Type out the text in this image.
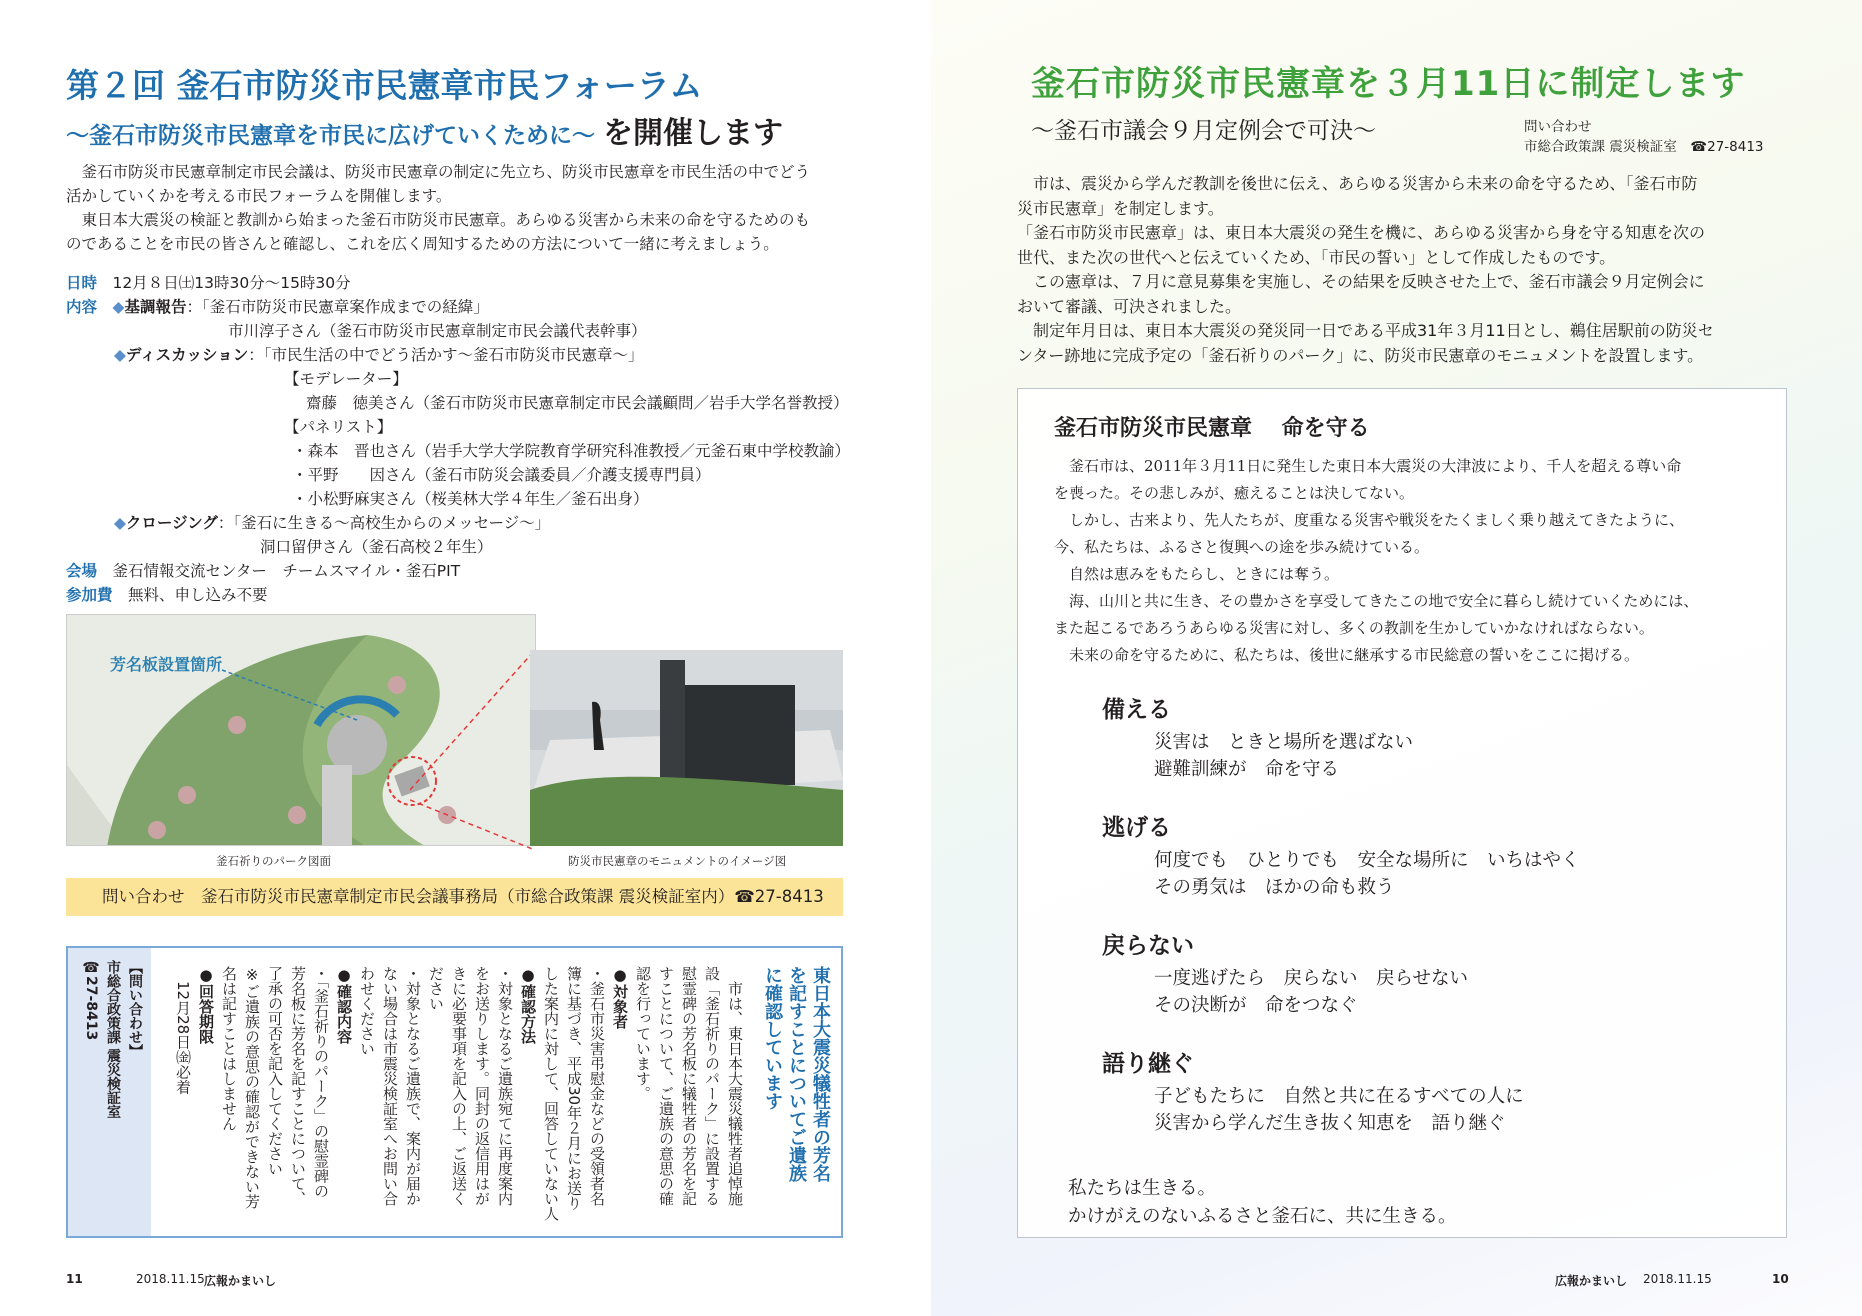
第２回 釜石市防災市民憲章市民フォーラム
〜釜石市防災市民憲章を市民に広げていくために〜 を開催します
　釜石市防災市民憲章制定市民会議は、防災市民憲章の制定に先立ち、防災市民憲章を市民生活の中でどう
活かしていくかを考える市民フォーラムを開催します。
　東日本大震災の検証と教訓から始まった釜石市防災市民憲章。あらゆる災害から未来の命を守るためのも
のであることを市民の皆さんと確認し、これを広く周知するための方法について一緒に考えましょう。
日時　 12月８日㈯13時30分〜15時30分
内容　 ◆基調報告：「釜石市防災市民憲章案作成までの経緯」
市川淳子さん（釜石市防災市民憲章制定市民会議代表幹事）
◆ディスカッション：「市民生活の中でどう活かす〜釜石市防災市民憲章〜」
【モデレーター】
齋藤　徳美さん（釜石市防災市民憲章制定市民会議顧問／岩手大学名誉教授）
【パネリスト】
・森本　晋也さん（岩手大学大学院教育学研究科准教授／元釜石東中学校教諭）
・平野　　因さん（釜石市防災会議委員／介護支援専門員）
・小松野麻実さん（桜美林大学４年生／釜石出身）
◆クロージング：「釜石に生きる〜高校生からのメッセージ〜」
洞口留伊さん（釜石高校２年生）
会場　 釜石情報交流センター　チームスマイル・釜石PIT
参加費　 無料、申し込み不要
芳名板設置箇所
釜石祈りのパーク図面	防災市民憲章のモニュメントのイメージ図
問い合わせ　釜石市防災市民憲章制定市民会議事務局（市総合政策課 震災検証室内）☎27-8413
11	2018.11.15 広報かまいし
東日本大震災犠牲者の芳名
を記すことについてご遺族
に確認しています
　市は、東日本大震災犠牲者追悼施
設「釜石祈りのパーク」に設置する
慰霊碑の芳名板に犠牲者の芳名を記
すことについて、ご遺族の意思の確
認を行っています。
●対象者
・釜石市災害弔慰金などの受領者名
簿に基づき、平成30年２月にお送り
した案内に対して、回答していない人
●確認方法
・対象となるご遺族宛てに再度案内
をお送りします。同封の返信用はが
きに必要事項を記入の上、ご返送く
ださい
・対象となるご遺族で、案内が届か
ない場合は市震災検証室へお問い合
わせください
●確認内容
・「釜石祈りのパーク」の慰霊碑の
芳名板に芳名を記すことについて、
了承の可否を記入してください
※ご遺族の意思の確認ができない芳
名は記すことはしません
●回答期限
　12月28日㈮必着
【問い合わせ】
市総合政策課 震災検証室
☎27-8413
釜石市防災市民憲章を３月11日に制定します
〜釜石市議会９月定例会で可決〜	問い合わせ
市総合政策課 震災検証室　☎27-8413
　市は、震災から学んだ教訓を後世に伝え、あらゆる災害から未来の命を守るため、「釜石市防
災市民憲章」を制定します。
「釜石市防災市民憲章」は、東日本大震災の発生を機に、あらゆる災害から身を守る知恵を次の
世代、また次の世代へと伝えていくため、「市民の誓い」として作成したものです。
　この憲章は、７月に意見募集を実施し、その結果を反映させた上で、釜石市議会９月定例会に
おいて審議、可決されました。
　制定年月日は、東日本大震災の発災同一日である平成31年３月11日とし、鵜住居駅前の防災セ
ンター跡地に完成予定の「釜石祈りのパーク」に、防災市民憲章のモニュメントを設置します。
釜石市防災市民憲章　 命を守る
　釜石市は、2011年３月11日に発生した東日本大震災の大津波により、千人を超える尊い命
を喪った。その悲しみが、癒えることは決してない。
　しかし、古来より、先人たちが、度重なる災害や戦災をたくましく乗り越えてきたように、
今、私たちは、ふるさと復興への途を歩み続けている。
　自然は恵みをもたらし、ときには奪う。
　海、山川と共に生き、その豊かさを享受してきたこの地で安全に暮らし続けていくためには、
また起こるであろうあらゆる災害に対し、多くの教訓を生かしていかなければならない。
　未来の命を守るために、私たちは、後世に継承する市民総意の誓いをここに掲げる。
備える
災害は　ときと場所を選ばない
避難訓練が　命を守る
逃げる
何度でも　ひとりでも　安全な場所に　いちはやく
その勇気は　ほかの命も救う
戻らない
一度逃げたら　戻らない　戻らせない
その決断が　命をつなぐ
語り継ぐ
子どもたちに　自然と共に在るすべての人に
災害から学んだ生き抜く知恵を　語り継ぐ
私たちは生きる。
かけがえのないふるさと釜石に、共に生きる。
広報かまいし 2018.11.15	10
